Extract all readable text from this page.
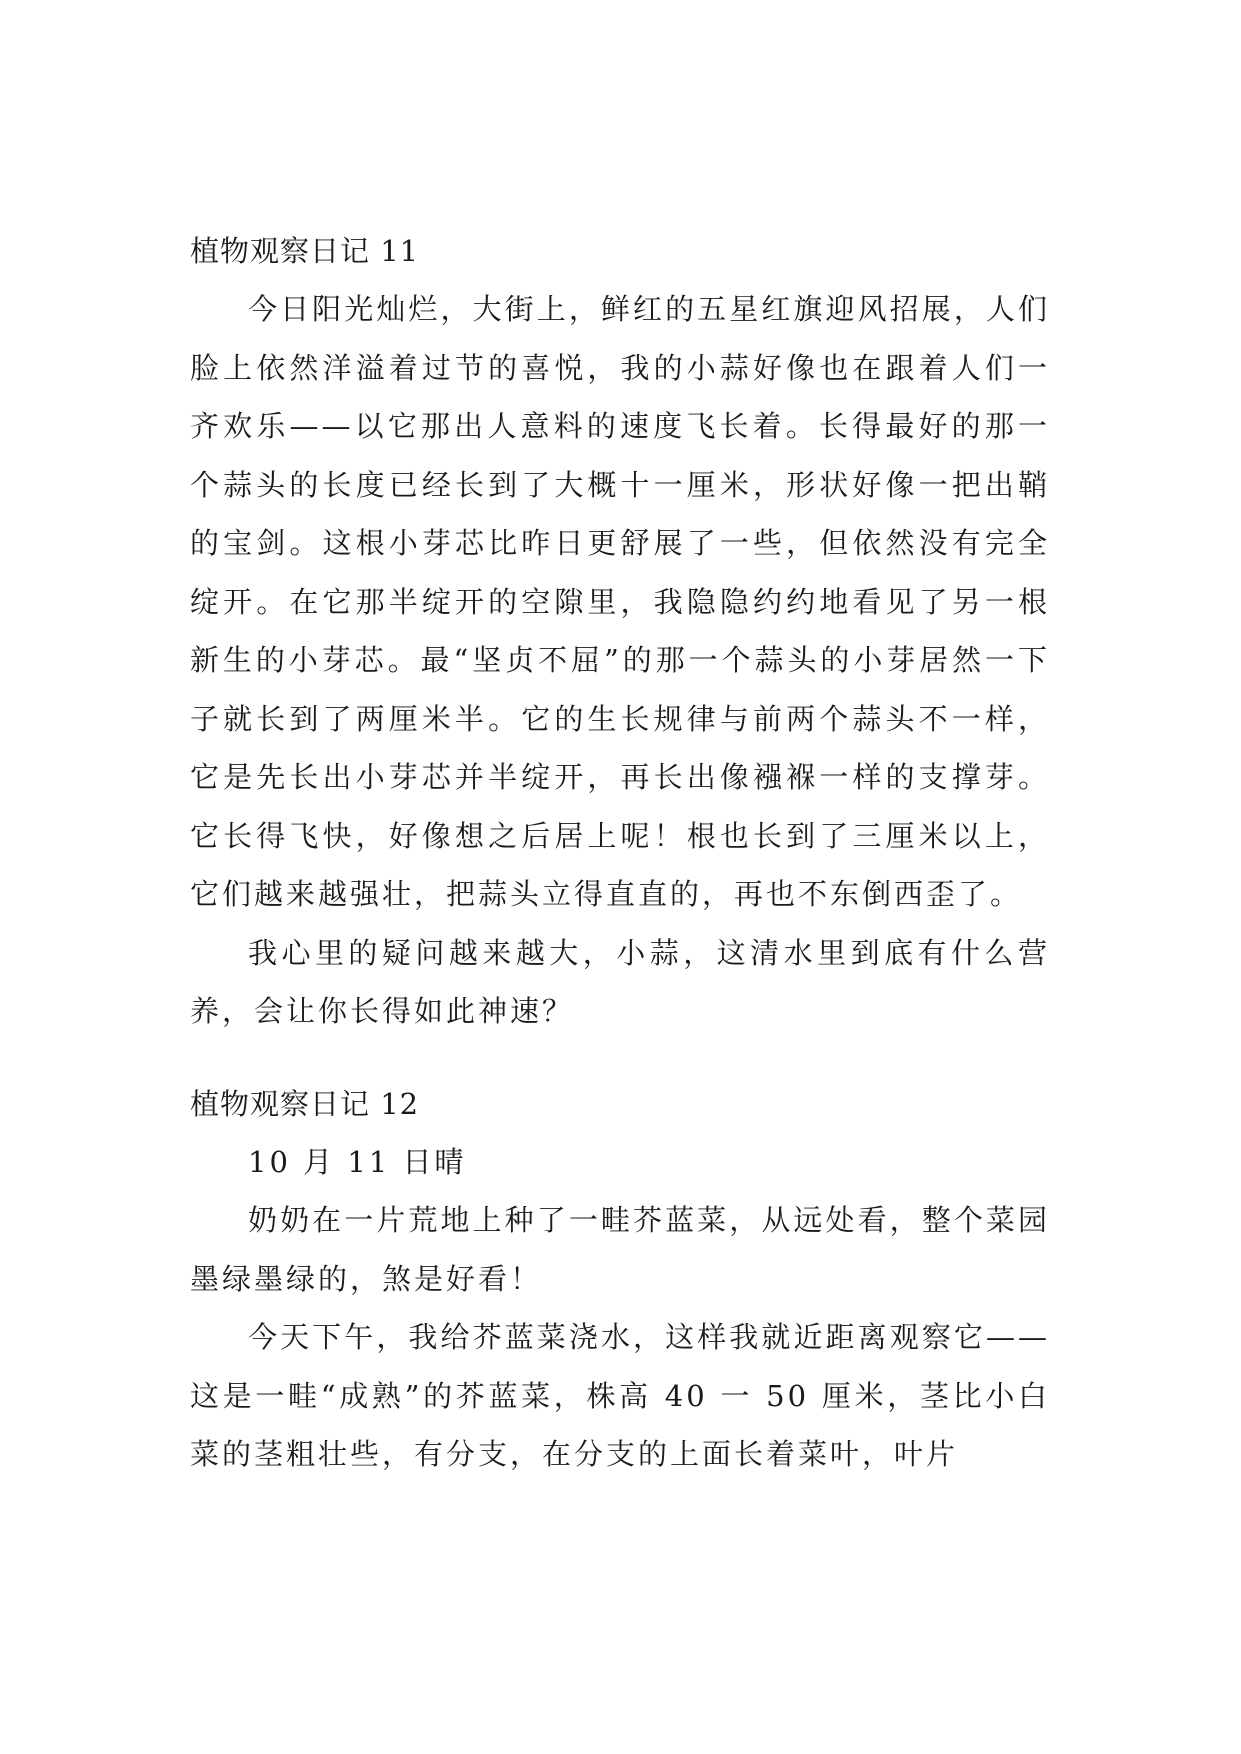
植物观察日记 11

今日阳光灿烂，大街上，鲜红的五星红旗迎风招展，人们脸上依然洋溢着过节的喜悦，我的小蒜好像也在跟着人们一齐欢乐——以它那出人意料的速度飞长着。长得最好的那一个蒜头的长度已经长到了大概十一厘米，形状好像一把出鞘的宝剑。这根小芽芯比昨日更舒展了一些，但依然没有完全绽开。在它那半绽开的空隙里，我隐隐约约地看见了另一根新生的小芽芯。最“坚贞不屈”的那一个蒜头的小芽居然一下子就长到了两厘米半。它的生长规律与前两个蒜头不一样，它是先长出小芽芯并半绽开，再长出像襁褓一样的支撑芽。它长得飞快，好像想之后居上呢！根也长到了三厘米以上，它们越来越强壮，把蒜头立得直直的，再也不东倒西歪了。

我心里的疑问越来越大，小蒜，这清水里到底有什么营养，会让你长得如此神速？

植物观察日记 12

10 月 11 日晴

奶奶在一片荒地上种了一畦芥蓝菜，从远处看，整个菜园墨绿墨绿的，煞是好看！

今天下午，我给芥蓝菜浇水，这样我就近距离观察它——这是一畦“成熟”的芥蓝菜，株高 40 一 50 厘米，茎比小白菜的茎粗壮些，有分支，在分支的上面长着菜叶，叶片
